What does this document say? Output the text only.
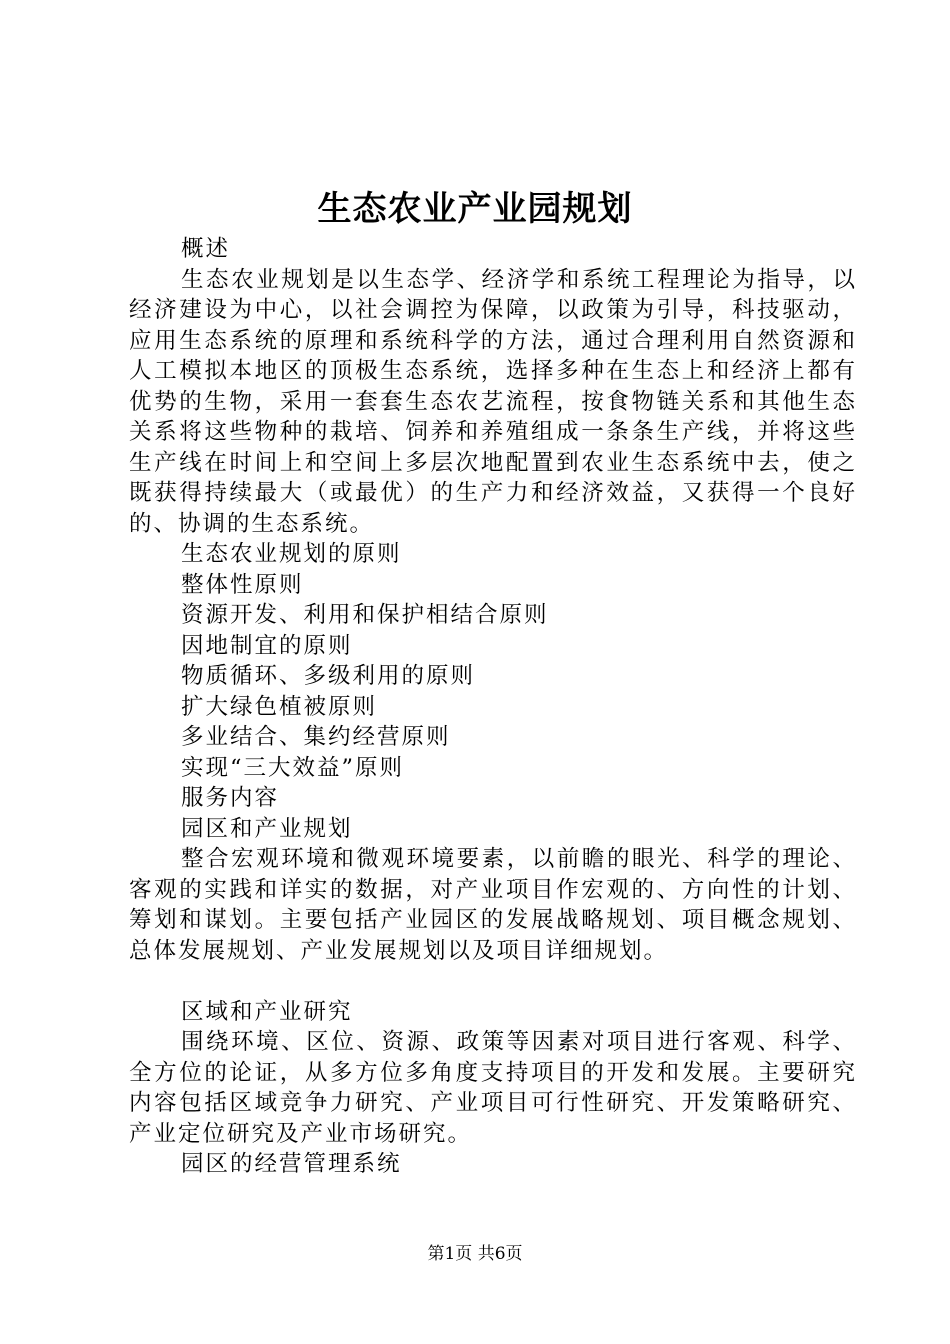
生态农业产业园规划
概述
生态农业规划是以生态学、经济学和系统工程理论为指导，以经济建设为中心，以社会调控为保障，以政策为引导，科技驱动，应用生态系统的原理和系统科学的方法，通过合理利用自然资源和人工模拟本地区的顶极生态系统，选择多种在生态上和经济上都有优势的生物，采用一套套生态农艺流程，按食物链关系和其他生态关系将这些物种的栽培、饲养和养殖组成一条条生产线，并将这些生产线在时间上和空间上多层次地配置到农业生态系统中去，使之既获得持续最大（或最优）的生产力和经济效益，又获得一个良好的、协调的生态系统。
生态农业规划的原则
整体性原则
资源开发、利用和保护相结合原则
因地制宜的原则
物质循环、多级利用的原则
扩大绿色植被原则
多业结合、集约经营原则
实现“三大效益”原则
服务内容
园区和产业规划
整合宏观环境和微观环境要素，以前瞻的眼光、科学的理论、客观的实践和详实的数据，对产业项目作宏观的、方向性的计划、筹划和谋划。主要包括产业园区的发展战略规划、项目概念规划、总体发展规划、产业发展规划以及项目详细规划。
区域和产业研究
围绕环境、区位、资源、政策等因素对项目进行客观、科学、全方位的论证，从多方位多角度支持项目的开发和发展。主要研究内容包括区域竞争力研究、产业项目可行性研究、开发策略研究、产业定位研究及产业市场研究。
园区的经营管理系统
第1页 共6页
